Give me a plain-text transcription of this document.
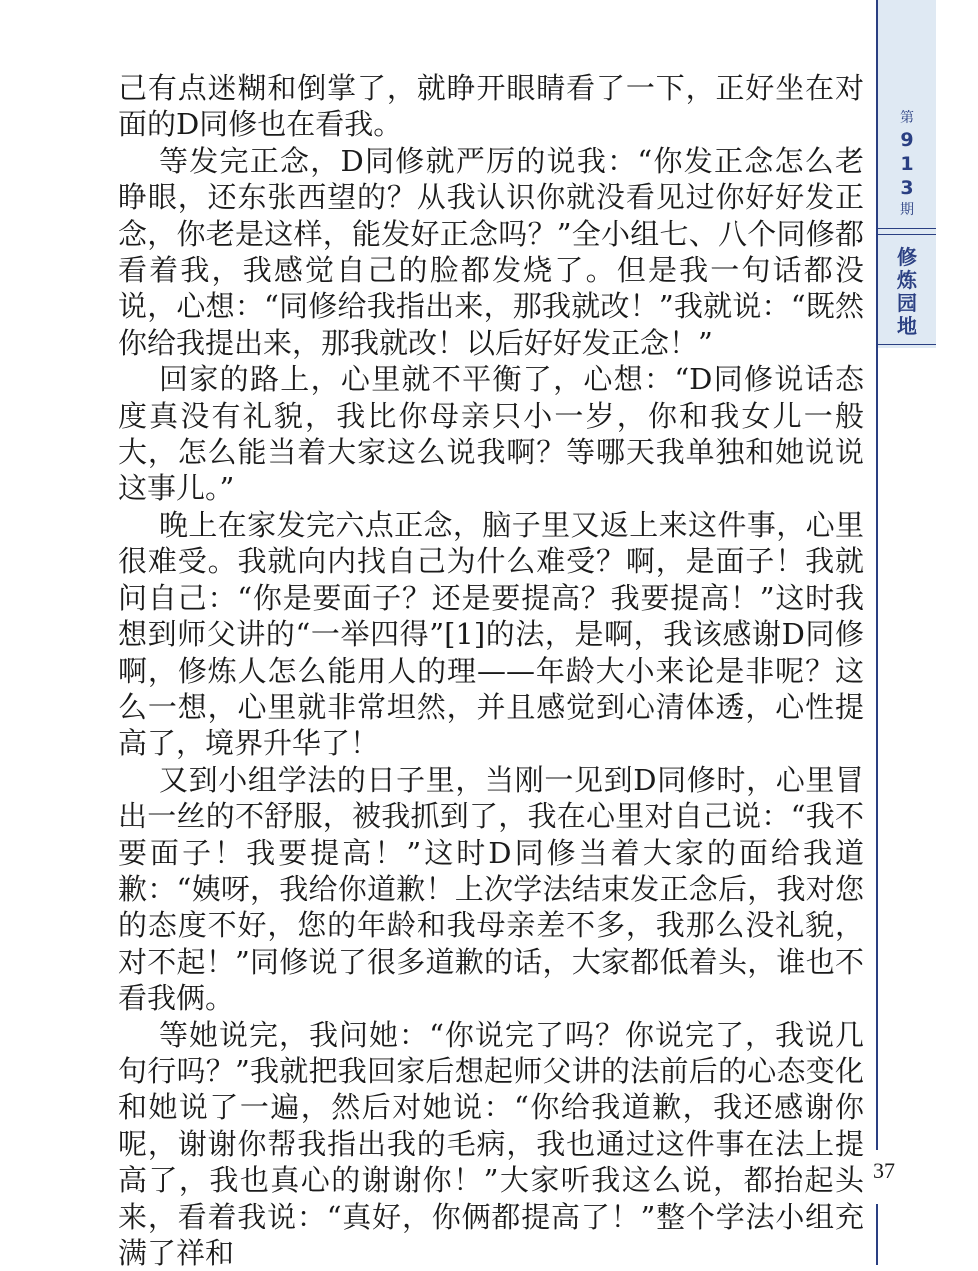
己有点迷糊和倒掌了，就睁开眼睛看了一下，正好坐在对面的D同修也在看我。

等发完正念，D同修就严厉的说我：“你发正念怎么老睁眼，还东张西望的？从我认识你就没看见过你好好发正念，你老是这样，能发好正念吗？”全小组七、八个同修都看着我，我感觉自己的脸都发烧了。但是我一句话都没说，心想：“同修给我指出来，那我就改！”我就说：“既然你给我提出来，那我就改！以后好好发正念！”

回家的路上，心里就不平衡了，心想：“D同修说话态度真没有礼貌，我比你母亲只小一岁，你和我女儿一般大，怎么能当着大家这么说我啊？等哪天我单独和她说说这事儿。”

晚上在家发完六点正念，脑子里又返上来这件事，心里很难受。我就向内找自己为什么难受？啊，是面子！我就问自己：“你是要面子？还是要提高？我要提高！”这时我想到师父讲的“一举四得”[1]的法，是啊，我该感谢D同修啊，修炼人怎么能用人的理——年龄大小来论是非呢？这么一想，心里就非常坦然，并且感觉到心清体透，心性提高了，境界升华了！

又到小组学法的日子里，当刚一见到D同修时，心里冒出一丝的不舒服，被我抓到了，我在心里对自己说：“我不要面子！我要提高！”这时D同修当着大家的面给我道歉：“姨呀，我给你道歉！上次学法结束发正念后，我对您的态度不好，您的年龄和我母亲差不多，我那么没礼貌，对不起！”同修说了很多道歉的话，大家都低着头，谁也不看我俩。

等她说完，我问她：“你说完了吗？你说完了，我说几句行吗？”我就把我回家后想起师父讲的法前后的心态变化和她说了一遍，然后对她说：“你给我道歉，我还感谢你呢，谢谢你帮我指出我的毛病，我也通过这件事在法上提高了，我也真心的谢谢你！”大家听我这么说，都抬起头来，看着我说：“真好，你俩都提高了！”整个学法小组充满了祥和

第
9
1
3
期
修
炼
园
地
37
